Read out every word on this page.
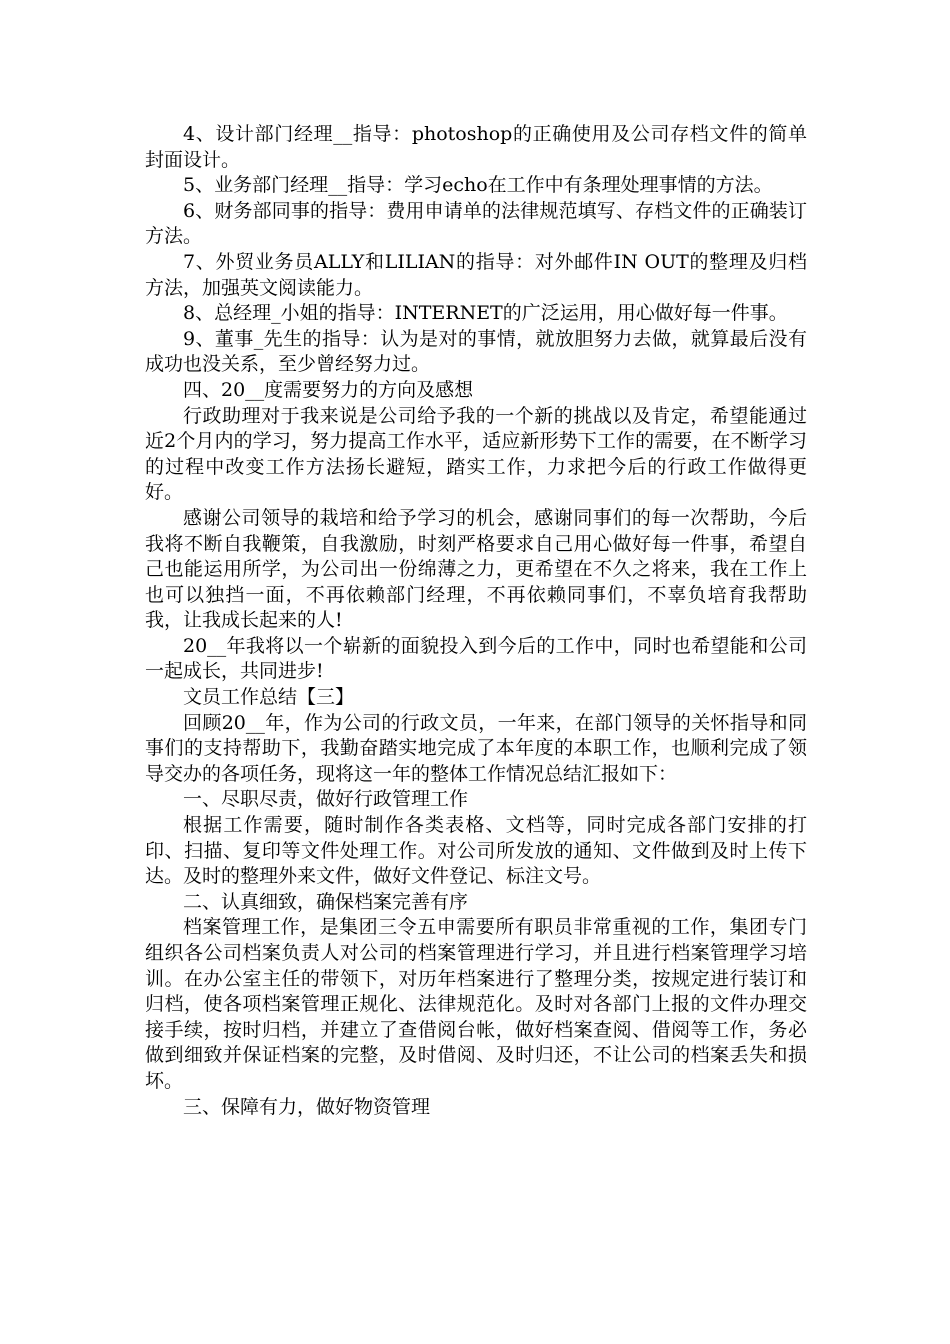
4、设计部门经理__指导：photoshop的正确使用及公司存档文件的简单封面设计。

5、业务部门经理__指导：学习echo在工作中有条理处理事情的方法。

6、财务部同事的指导：费用申请单的法律规范填写、存档文件的正确装订方法。

7、外贸业务员ALLY和LILIAN的指导：对外邮件IN OUT的整理及归档方法，加强英文阅读能力。

8、总经理_小姐的指导：INTERNET的广泛运用，用心做好每一件事。

9、董事_先生的指导：认为是对的事情，就放胆努力去做，就算最后没有成功也没关系，至少曾经努力过。

四、20__度需要努力的方向及感想

行政助理对于我来说是公司给予我的一个新的挑战以及肯定，希望能通过近2个月内的学习，努力提高工作水平，适应新形势下工作的需要，在不断学习的过程中改变工作方法扬长避短，踏实工作，力求把今后的行政工作做得更好。

感谢公司领导的栽培和给予学习的机会，感谢同事们的每一次帮助，今后我将不断自我鞭策，自我激励，时刻严格要求自己用心做好每一件事，希望自己也能运用所学，为公司出一份绵薄之力，更希望在不久之将来，我在工作上也可以独挡一面，不再依赖部门经理，不再依赖同事们，不辜负培育我帮助我，让我成长起来的人!

20__年我将以一个崭新的面貌投入到今后的工作中，同时也希望能和公司一起成长，共同进步!

文员工作总结【三】

回顾20__年，作为公司的行政文员，一年来，在部门领导的关怀指导和同事们的支持帮助下，我勤奋踏实地完成了本年度的本职工作，也顺利完成了领导交办的各项任务，现将这一年的整体工作情况总结汇报如下：

一、尽职尽责，做好行政管理工作

根据工作需要，随时制作各类表格、文档等，同时完成各部门安排的打印、扫描、复印等文件处理工作。对公司所发放的通知、文件做到及时上传下达。及时的整理外来文件，做好文件登记、标注文号。

二、认真细致，确保档案完善有序

档案管理工作，是集团三令五申需要所有职员非常重视的工作，集团专门组织各公司档案负责人对公司的档案管理进行学习，并且进行档案管理学习培训。在办公室主任的带领下，对历年档案进行了整理分类，按规定进行装订和归档，使各项档案管理正规化、法律规范化。及时对各部门上报的文件办理交接手续，按时归档，并建立了查借阅台帐，做好档案查阅、借阅等工作，务必做到细致并保证档案的完整，及时借阅、及时归还，不让公司的档案丢失和损坏。

三、保障有力，做好物资管理
